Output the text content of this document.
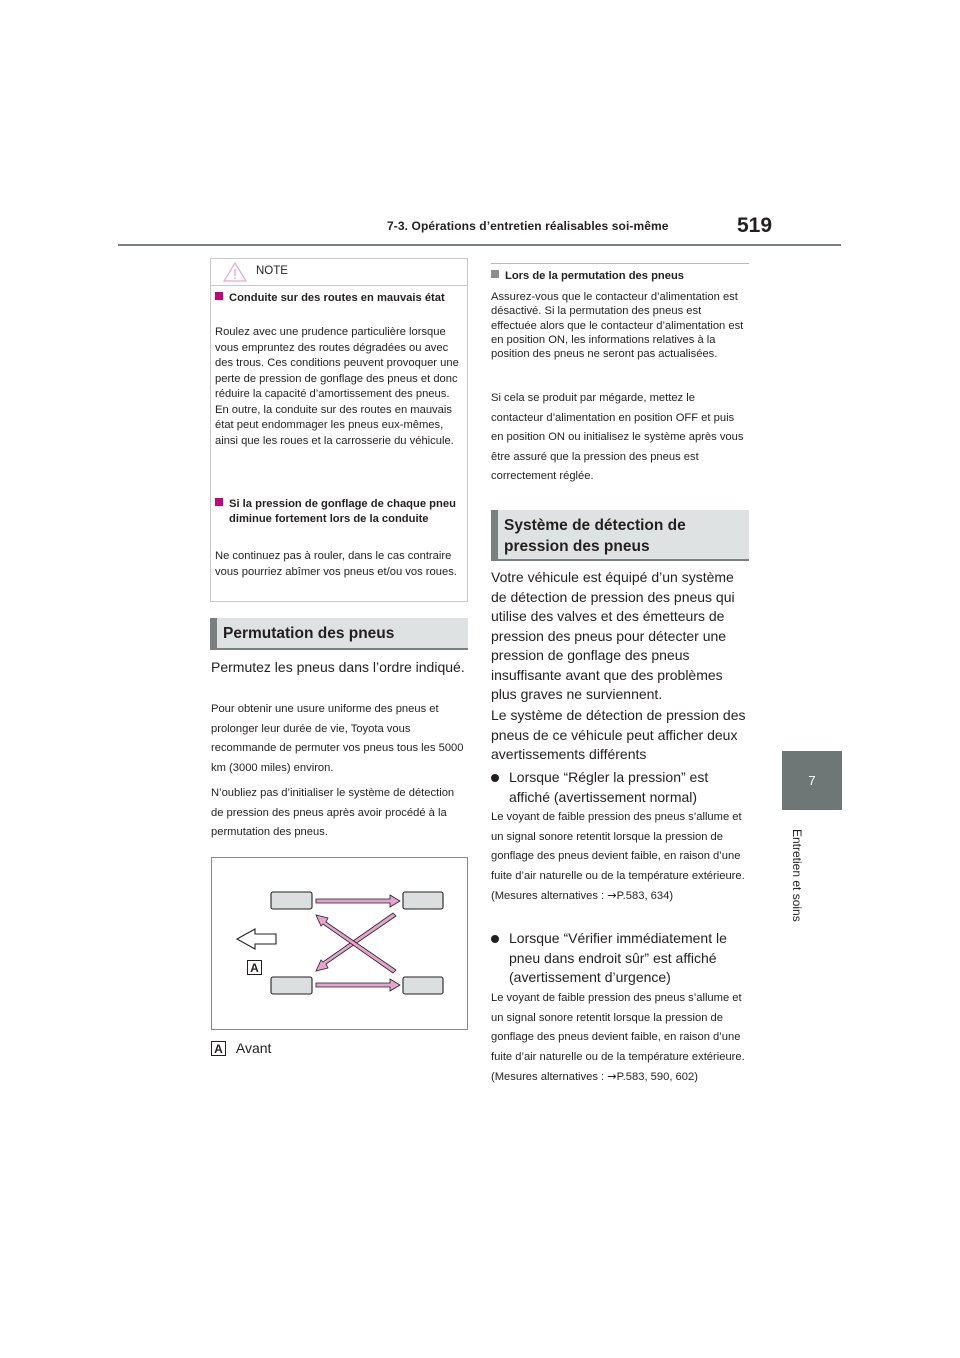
7-3. Opérations d’entretien réalisables soi-même	519
7
Entretien et soins
NOTE
Conduite sur des routes en mauvais état
Roulez avec une prudence particulière lorsque vous empruntez des routes dégradées ou avec des trous. Ces conditions peuvent provoquer une perte de pression de gonflage des pneus et donc réduire la capacité d’amortissement des pneus. En outre, la conduite sur des routes en mauvais état peut endommager les pneus eux-mêmes, ainsi que les roues et la carrosserie du véhicule.
Si la pression de gonflage de chaque pneu diminue fortement lors de la conduite
Ne continuez pas à rouler, dans le cas contraire vous pourriez abîmer vos pneus et/ou vos roues.
Permutation des pneus
Permutez les pneus dans l’ordre indiqué.
Pour obtenir une usure uniforme des pneus et prolonger leur durée de vie, Toyota vous recommande de permuter vos pneus tous les 5000 km (3000 miles) environ.
N’oubliez pas d’initialiser le système de détection de pression des pneus après avoir procédé à la permutation des pneus.
A
A Avant
Lors de la permutation des pneus
Assurez-vous que le contacteur d’alimentation est désactivé. Si la permutation des pneus est effectuée alors que le contacteur d’alimentation est en position ON, les informations relatives à la position des pneus ne seront pas actualisées.
Si cela se produit par mégarde, mettez le contacteur d’alimentation en position OFF et puis en position ON ou initialisez le système après vous être assuré que la pression des pneus est correctement réglée.
Système de détection de pression des pneus
Votre véhicule est équipé d’un système de détection de pression des pneus qui utilise des valves et des émetteurs de pression des pneus pour détecter une pression de gonflage des pneus insuffisante avant que des problèmes plus graves ne surviennent.
Le système de détection de pression des pneus de ce véhicule peut afficher deux avertissements différents
Lorsque “Régler la pression” est affiché (avertissement normal)
Le voyant de faible pression des pneus s’allume et un signal sonore retentit lorsque la pression de gonflage des pneus devient faible, en raison d’une fuite d’air naturelle ou de la température extérieure. (Mesures alternatives : →P.583, 634)
Lorsque “Vérifier immédiatement le pneu dans endroit sûr” est affiché (avertissement d’urgence)
Le voyant de faible pression des pneus s’allume et un signal sonore retentit lorsque la pression de gonflage des pneus devient faible, en raison d’une fuite d’air naturelle ou de la température extérieure. (Mesures alternatives : →P.583, 590, 602)
